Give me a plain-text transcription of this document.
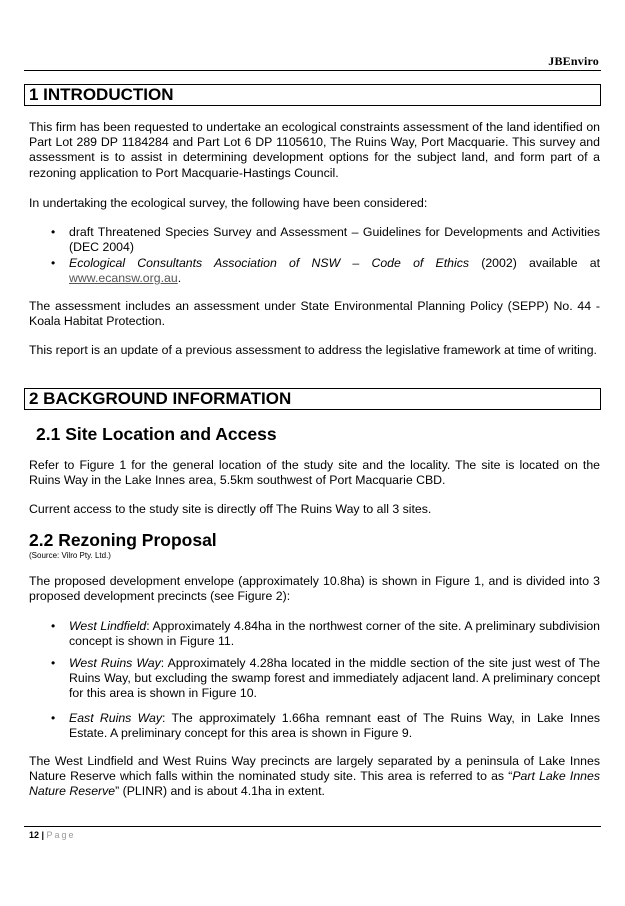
JBEnviro
1 INTRODUCTION

This firm has been requested to undertake an ecological constraints assessment of the land identified on Part Lot 289 DP 1184284 and Part Lot 6 DP 1105610, The Ruins Way, Port Macquarie. This survey and assessment is to assist in determining development options for the subject land, and form part of a rezoning application to Port Macquarie-Hastings Council.

In undertaking the ecological survey, the following have been considered:

• draft Threatened Species Survey and Assessment – Guidelines for Developments and Activities (DEC 2004)

• Ecological Consultants Association of NSW – Code of Ethics (2002) available at www.ecansw.org.au.

The assessment includes an assessment under State Environmental Planning Policy (SEPP) No. 44 - Koala Habitat Protection.

This report is an update of a previous assessment to address the legislative framework at time of writing.

2 BACKGROUND INFORMATION
2.1 Site Location and Access

Refer to Figure 1 for the general location of the study site and the locality. The site is located on the Ruins Way in the Lake Innes area, 5.5km southwest of Port Macquarie CBD.

Current access to the study site is directly off The Ruins Way to all 3 sites.

2.2 Rezoning Proposal
(Source: Vilro Pty. Ltd.)

The proposed development envelope (approximately 10.8ha) is shown in Figure 1, and is divided into 3 proposed development precincts (see Figure 2):

• West Lindfield: Approximately 4.84ha in the northwest corner of the site. A preliminary subdivision concept is shown in Figure 11.

• West Ruins Way: Approximately 4.28ha located in the middle section of the site just west of The Ruins Way, but excluding the swamp forest and immediately adjacent land. A preliminary concept for this area is shown in Figure 10.

• East Ruins Way: The approximately 1.66ha remnant east of The Ruins Way, in Lake Innes Estate. A preliminary concept for this area is shown in Figure 9.

The West Lindfield and West Ruins Way precincts are largely separated by a peninsula of Lake Innes Nature Reserve which falls within the nominated study site. This area is referred to as “Part Lake Innes Nature Reserve” (PLINR) and is about 4.1ha in extent.

12 | Page
